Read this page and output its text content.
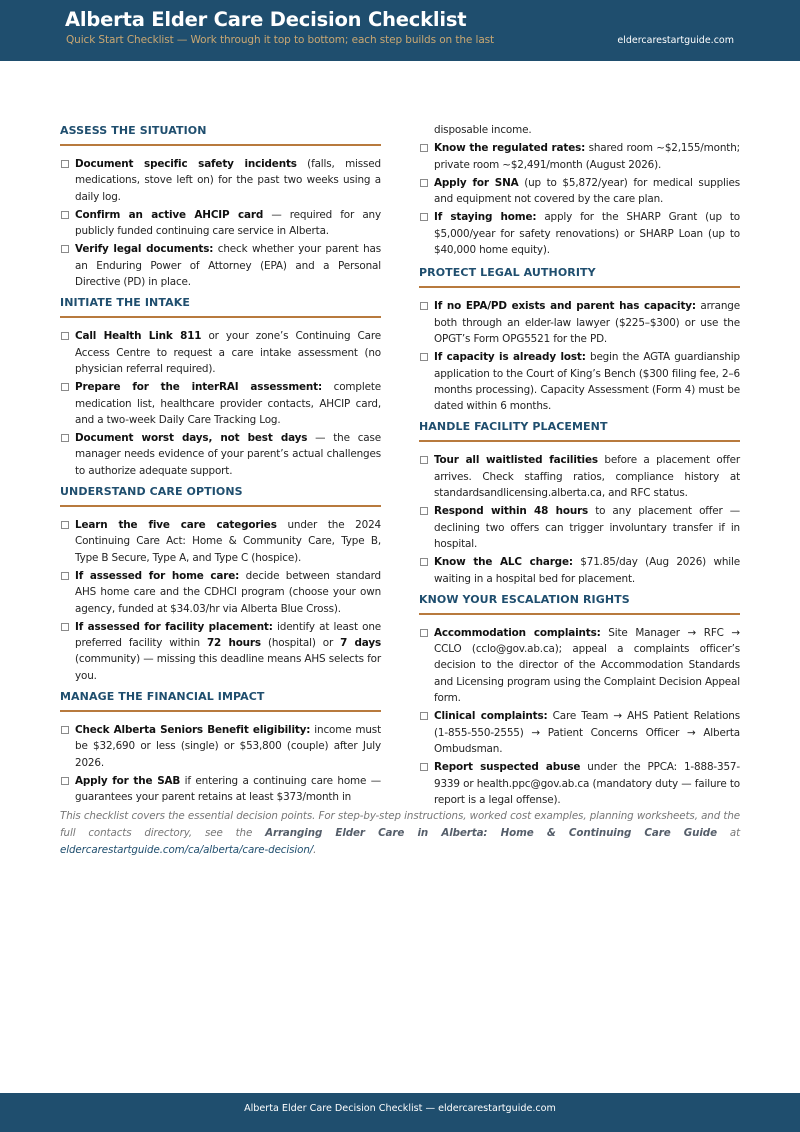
Alberta Elder Care Decision Checklist
Quick Start Checklist — Work through it top to bottom; each step builds on the last	eldercarestartguide.com
ASSESS THE SITUATION
Document specific safety incidents (falls, missed medications, stove left on) for the past two weeks using a daily log.
Confirm an active AHCIP card — required for any publicly funded continuing care service in Alberta.
Verify legal documents: check whether your parent has an Enduring Power of Attorney (EPA) and a Personal Directive (PD) in place.
INITIATE THE INTAKE
Call Health Link 811 or your zone’s Continuing Care Access Centre to request a care intake assessment (no physician referral required).
Prepare for the interRAI assessment: complete medication list, healthcare provider contacts, AHCIP card, and a two-week Daily Care Tracking Log.
Document worst days, not best days — the case manager needs evidence of your parent’s actual challenges to authorize adequate support.
UNDERSTAND CARE OPTIONS
Learn the five care categories under the 2024 Continuing Care Act: Home & Community Care, Type B, Type B Secure, Type A, and Type C (hospice).
If assessed for home care: decide between standard AHS home care and the CDHCI program (choose your own agency, funded at $34.03/hr via Alberta Blue Cross).
If assessed for facility placement: identify at least one preferred facility within 72 hours (hospital) or 7 days (community) — missing this deadline means AHS selects for you.
MANAGE THE FINANCIAL IMPACT
Check Alberta Seniors Benefit eligibility: income must be $32,690 or less (single) or $53,800 (couple) after July 2026.
Apply for the SAB if entering a continuing care home — guarantees your parent retains at least $373/month in
disposable income.
Know the regulated rates: shared room ~$2,155/month; private room ~$2,491/month (August 2026).
Apply for SNA (up to $5,872/year) for medical supplies and equipment not covered by the care plan.
If staying home: apply for the SHARP Grant (up to $5,000/year for safety renovations) or SHARP Loan (up to $40,000 home equity).
PROTECT LEGAL AUTHORITY
If no EPA/PD exists and parent has capacity: arrange both through an elder-law lawyer ($225–$300) or use the OPGT’s Form OPG5521 for the PD.
If capacity is already lost: begin the AGTA guardianship application to the Court of King’s Bench ($300 filing fee, 2–6 months processing). Capacity Assessment (Form 4) must be dated within 6 months.
HANDLE FACILITY PLACEMENT
Tour all waitlisted facilities before a placement offer arrives. Check staffing ratios, compliance history at standardsandlicensing.alberta.ca, and RFC status.
Respond within 48 hours to any placement offer — declining two offers can trigger involuntary transfer if in hospital.
Know the ALC charge: $71.85/day (Aug 2026) while waiting in a hospital bed for placement.
KNOW YOUR ESCALATION RIGHTS
Accommodation complaints: Site Manager → RFC → CCLO (cclo@gov.ab.ca); appeal a complaints officer’s decision to the director of the Accommodation Standards and Licensing program using the Complaint Decision Appeal form.
Clinical complaints: Care Team → AHS Patient Relations (1-855-550-2555) → Patient Concerns Officer → Alberta Ombudsman.
Report suspected abuse under the PPCA: 1-888-357-9339 or health.ppc@gov.ab.ca (mandatory duty — failure to report is a legal offense).
This checklist covers the essential decision points. For step-by-step instructions, worked cost examples, planning worksheets, and the full contacts directory, see the Arranging Elder Care in Alberta: Home & Continuing Care Guide at eldercarestartguide.com/ca/alberta/care-decision/.
Alberta Elder Care Decision Checklist — eldercarestartguide.com
